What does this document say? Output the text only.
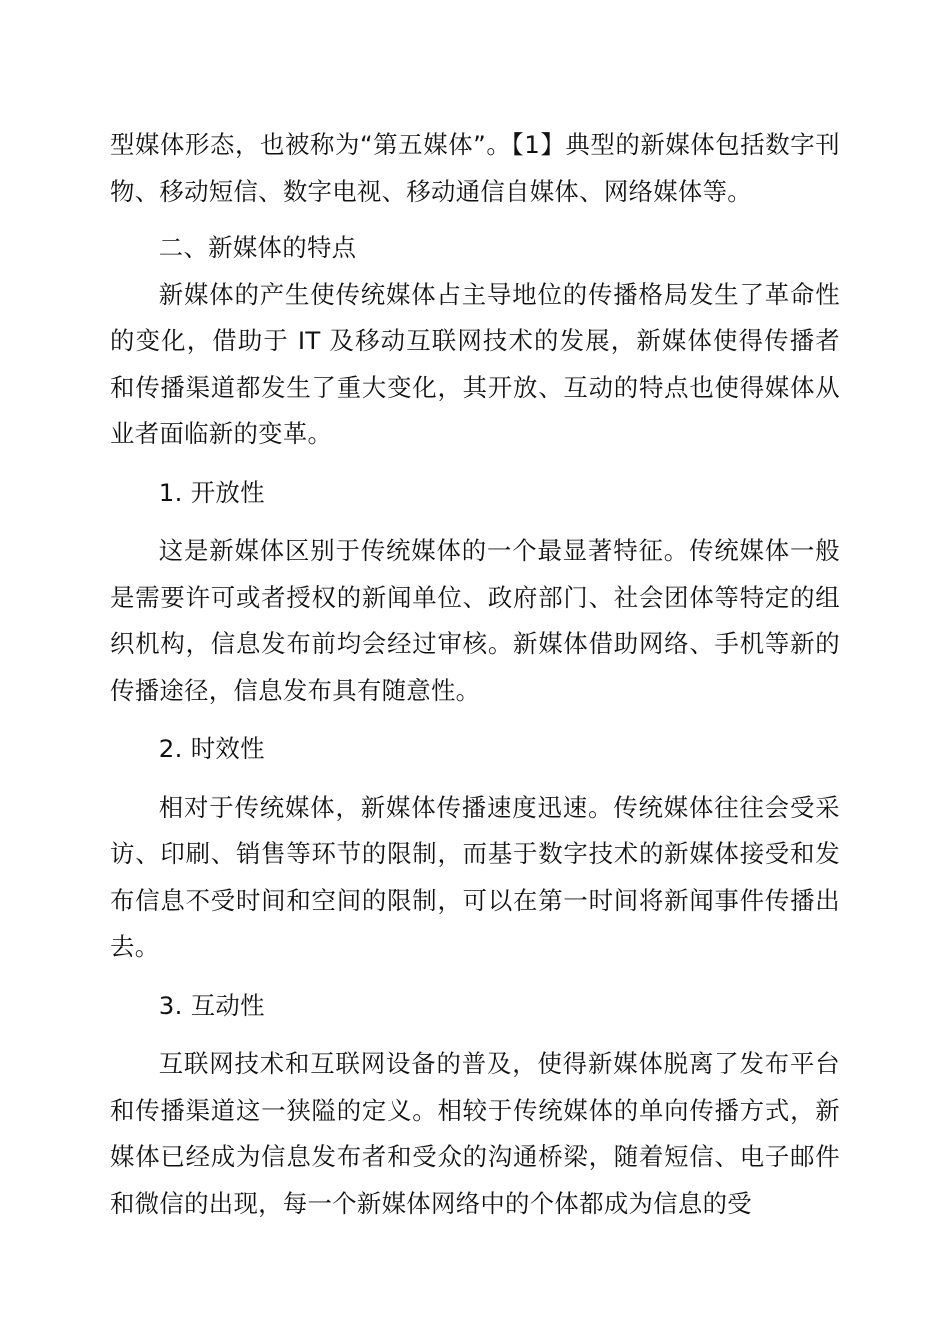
型媒体形态，也被称为“第五媒体”。【1】典型的新媒体包括数字刊物、移动短信、数字电视、移动通信自媒体、网络媒体等。

二、新媒体的特点

新媒体的产生使传统媒体占主导地位的传播格局发生了革命性的变化，借助于 IT 及移动互联网技术的发展，新媒体使得传播者和传播渠道都发生了重大变化，其开放、互动的特点也使得媒体从业者面临新的变革。

1. 开放性

这是新媒体区别于传统媒体的一个最显著特征。传统媒体一般是需要许可或者授权的新闻单位、政府部门、社会团体等特定的组织机构，信息发布前均会经过审核。新媒体借助网络、手机等新的传播途径，信息发布具有随意性。

2. 时效性

相对于传统媒体，新媒体传播速度迅速。传统媒体往往会受采访、印刷、销售等环节的限制，而基于数字技术的新媒体接受和发布信息不受时间和空间的限制，可以在第一时间将新闻事件传播出去。

3. 互动性

互联网技术和互联网设备的普及，使得新媒体脱离了发布平台和传播渠道这一狭隘的定义。相较于传统媒体的单向传播方式，新媒体已经成为信息发布者和受众的沟通桥梁，随着短信、电子邮件和微信的出现，每一个新媒体网络中的个体都成为信息的受
